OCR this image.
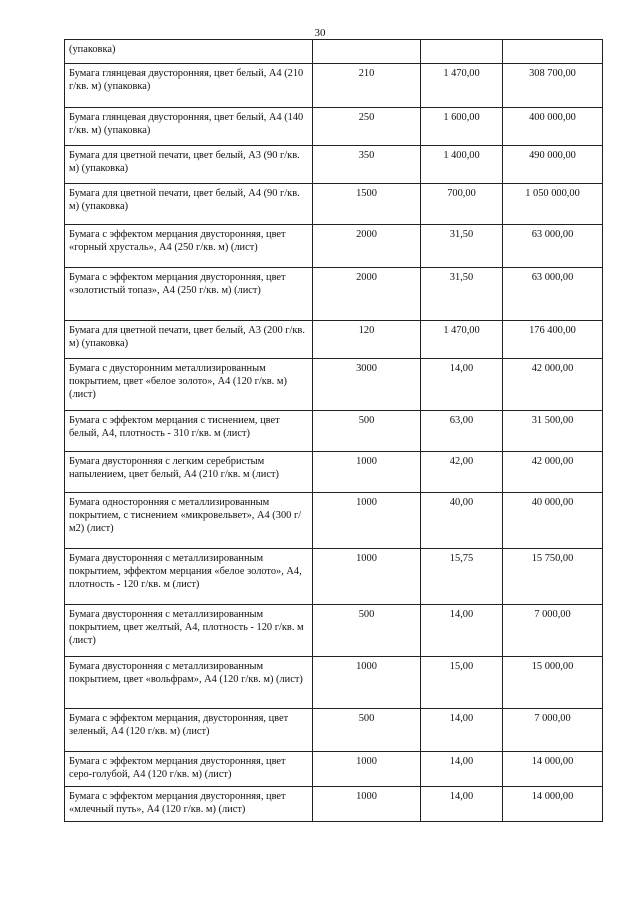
30
(упаковка)			
Бумага глянцевая двусторонняя, цвет белый, А4 (210 г/кв. м) (упаковка)	210	1 470,00	308 700,00
Бумага глянцевая двусторонняя, цвет белый, А4 (140 г/кв. м) (упаковка)	250	1 600,00	400 000,00
Бумага для цветной печати, цвет белый, А3 (90 г/кв. м) (упаковка)	350	1 400,00	490 000,00
Бумага для цветной печати, цвет белый, А4 (90 г/кв. м) (упаковка)	1500	700,00	1 050 000,00
Бумага с эффектом мерцания двусторонняя, цвет «горный хрусталь», А4 (250 г/кв. м) (лист)	2000	31,50	63 000,00
Бумага с эффектом мерцания двусторонняя, цвет «золотистый топаз», А4 (250 г/кв. м) (лист)	2000	31,50	63 000,00
Бумага для цветной печати, цвет белый, А3 (200 г/кв. м) (упаковка)	120	1 470,00	176 400,00
Бумага с двусторонним металлизированным покрытием, цвет «белое золото», А4 (120 г/кв. м) (лист)	3000	14,00	42 000,00
Бумага с эффектом мерцания с тиснением, цвет белый, А4, плотность - 310 г/кв. м (лист)	500	63,00	31 500,00
Бумага двусторонняя с легким серебристым напылением, цвет белый, А4 (210 г/кв. м (лист)	1000	42,00	42 000,00
Бумага односторонняя с металлизированным покрытием, с тиснением «микровельвет», А4 (300 г/м2) (лист)	1000	40,00	40 000,00
Бумага двусторонняя с металлизированным покрытием, эффектом мерцания «белое золото», А4, плотность - 120 г/кв. м (лист)	1000	15,75	15 750,00
Бумага двусторонняя с металлизированным покрытием, цвет желтый, А4, плотность - 120 г/кв. м (лист)	500	14,00	7 000,00
Бумага двусторонняя с металлизированным покрытием, цвет «вольфрам», А4 (120 г/кв. м) (лист)	1000	15,00	15 000,00
Бумага с эффектом мерцания, двусторонняя, цвет зеленый, А4 (120 г/кв. м) (лист)	500	14,00	7 000,00
Бумага с эффектом мерцания двусторонняя, цвет серо-голубой, А4 (120 г/кв. м) (лист)	1000	14,00	14 000,00
Бумага с эффектом мерцания двусторонняя, цвет «млечный путь», А4 (120 г/кв. м) (лист)	1000	14,00	14 000,00
